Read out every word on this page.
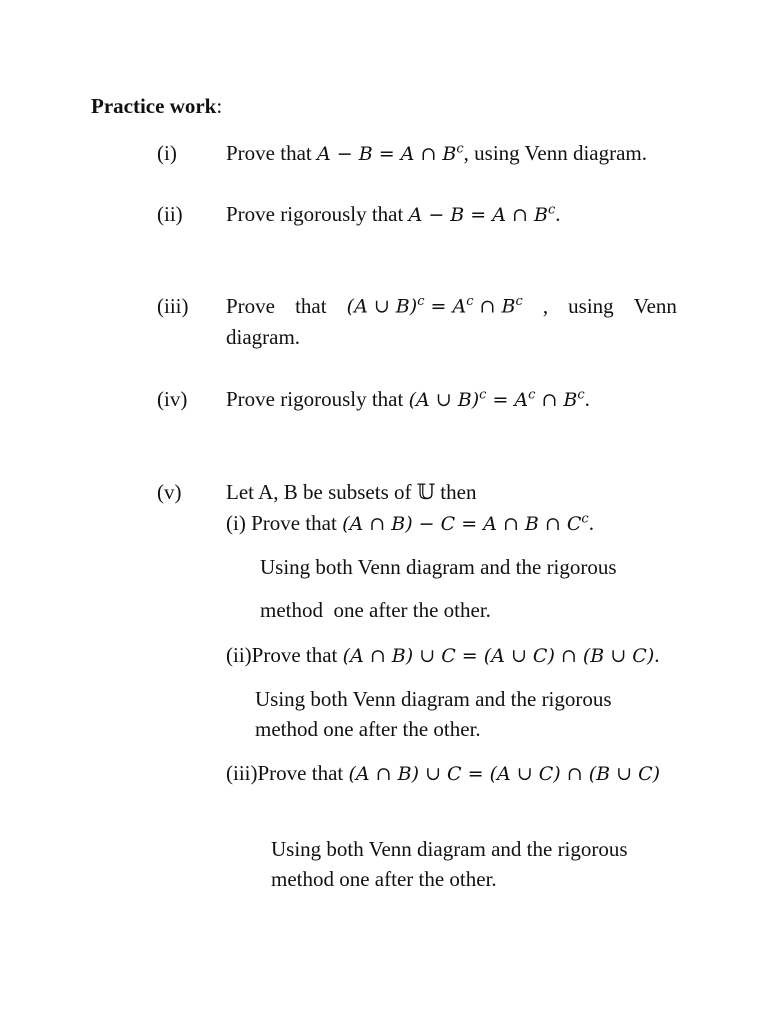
Practice work:
(i) Prove that A − B = A ∩ $B^c$, using Venn diagram.
(ii) Prove rigorously that A − B = A ∩ $B^c$.
(iii) Prove that (A ∪ $B)^c = A^c$ ∩ $B^c$ , using Venn
diagram.
(iv) Prove rigorously that (A ∪ $B)^c = A^c$ ∩ $B^c$.
(v) Let A, B be subsets of 𝕌 then
(i) Prove that (A ∩ B) − C = A ∩ B ∩ $C^c$.
Using both Venn diagram and the rigorous
method  one after the other.
(ii)Prove that (A ∩ B) ∪ C = (A ∪ C) ∩ (B ∪ C).
Using both Venn diagram and the rigorous
method one after the other.
(iii)Prove that (A ∩ B) ∪ C = (A ∪ C) ∩ (B ∪ C)
Using both Venn diagram and the rigorous
method one after the other.
